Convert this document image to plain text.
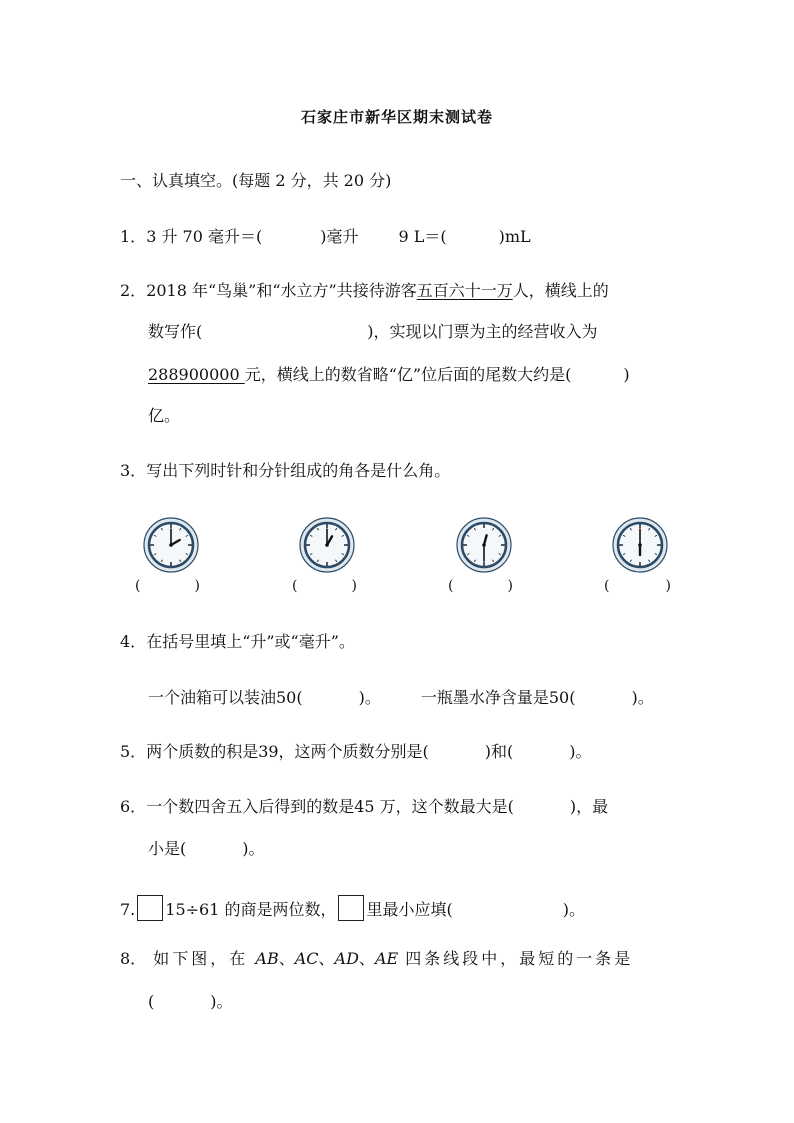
石家庄市新华区期末测试卷
一、认真填空。(每题 2 分，共 20 分)
1．3 升 70 毫升＝(	)毫升	9 L＝(	)mL
2．2018 年“鸟巢”和“水立方”共接待游客五百六十一万人，横线上的
数写作(	)，实现以门票为主的经营收入为
288900000 元，横线上的数省略“亿”位后面的尾数大约是(	)
亿。
3．写出下列时针和分针组成的角各是什么角。
(	)	(	)	(	)	(	)
4．在括号里填上“升”或“毫升”。
一个油箱可以装油50(	)。	一瓶墨水净含量是50(	)。
5．两个质数的积是39，这两个质数分别是(	)和(	)。
6．一个数四舍五入后得到的数是45 万，这个数最大是(	)，最
小是(	)。
7. 15÷61 的商是两位数， 里最小应填(	)。
8． 如下图，在 AB、AC、AD、AE 四条线段中，最短的一条是
(	)。
